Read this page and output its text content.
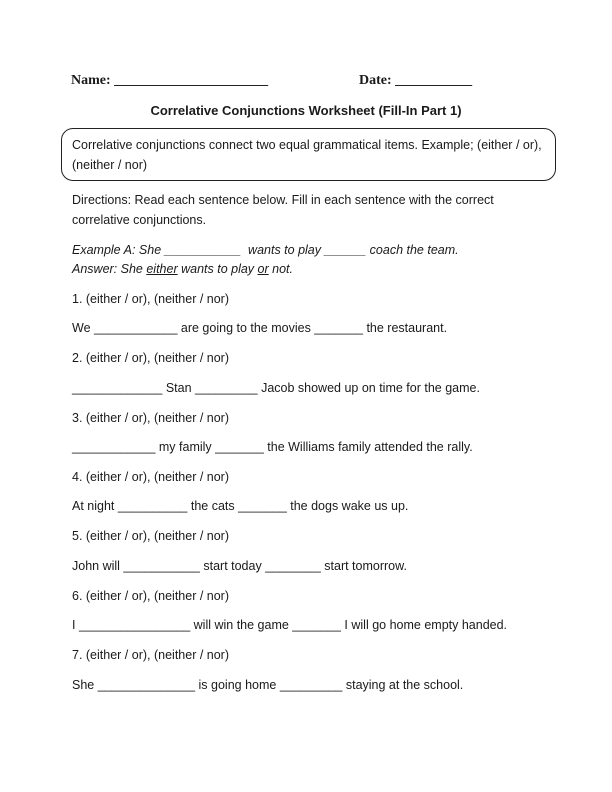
Name: ______________________	Date: ___________
Correlative Conjunctions Worksheet (Fill-In Part 1)
Correlative conjunctions connect two equal grammatical items. Example; (either / or), (neither / nor)
Directions: Read each sentence below. Fill in each sentence with the correct correlative conjunctions.
Example A: She ___________  wants to play ______ coach the team.
Answer: She either wants to play or not.
1. (either / or), (neither / nor)
We ____________ are going to the movies _______ the restaurant.
2. (either / or), (neither / nor)
_____________ Stan _________ Jacob showed up on time for the game.
3. (either / or), (neither / nor)
____________ my family _______ the Williams family attended the rally.
4. (either / or), (neither / nor)
At night __________ the cats _______ the dogs wake us up.
5. (either / or), (neither / nor)
John will ___________ start today ________ start tomorrow.
6. (either / or), (neither / nor)
I ________________ will win the game _______ I will go home empty handed.
7. (either / or), (neither / nor)
She ______________ is going home _________ staying at the school.
